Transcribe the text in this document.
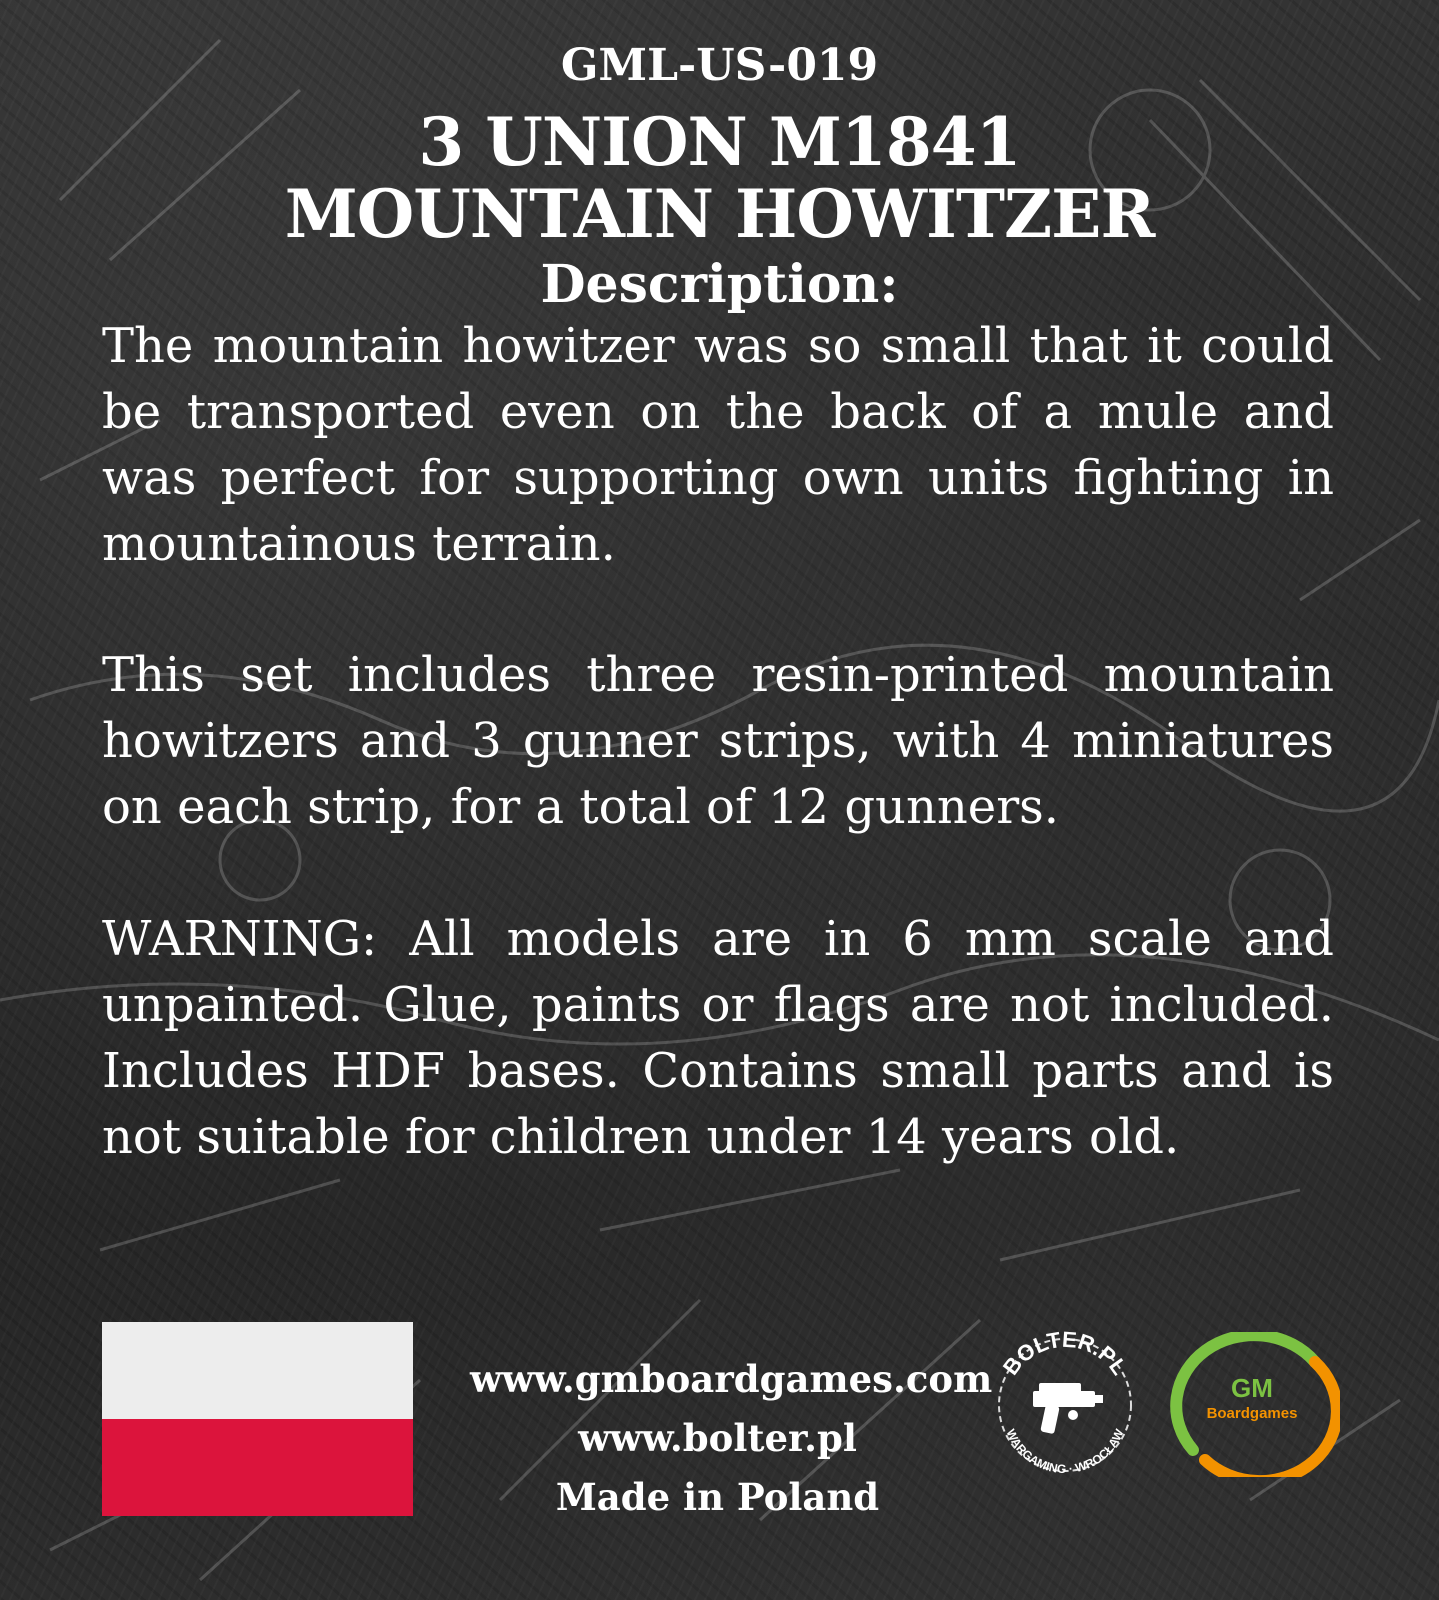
GML-US-019
3 UNION M1841
MOUNTAIN HOWITZER
Description:
The mountain howitzer was so small that it could be transported even on the back of a mule and was perfect for supporting own units fighting in mountainous terrain.
This set includes three resin-printed mountain howitzers and 3 gunner strips, with 4 miniatures on each strip, for a total of 12 gunners.
WARNING: All models are in 6 mm scale and unpainted. Glue, paints or flags are not included. Includes HDF bases. Contains small parts and is not suitable for children under 14 years old.
www.gmboardgames.com
www.bolter.pl
Made in Poland
BOLTER.PL
WARGAMING · WROCŁAW
GM
Boardgames
